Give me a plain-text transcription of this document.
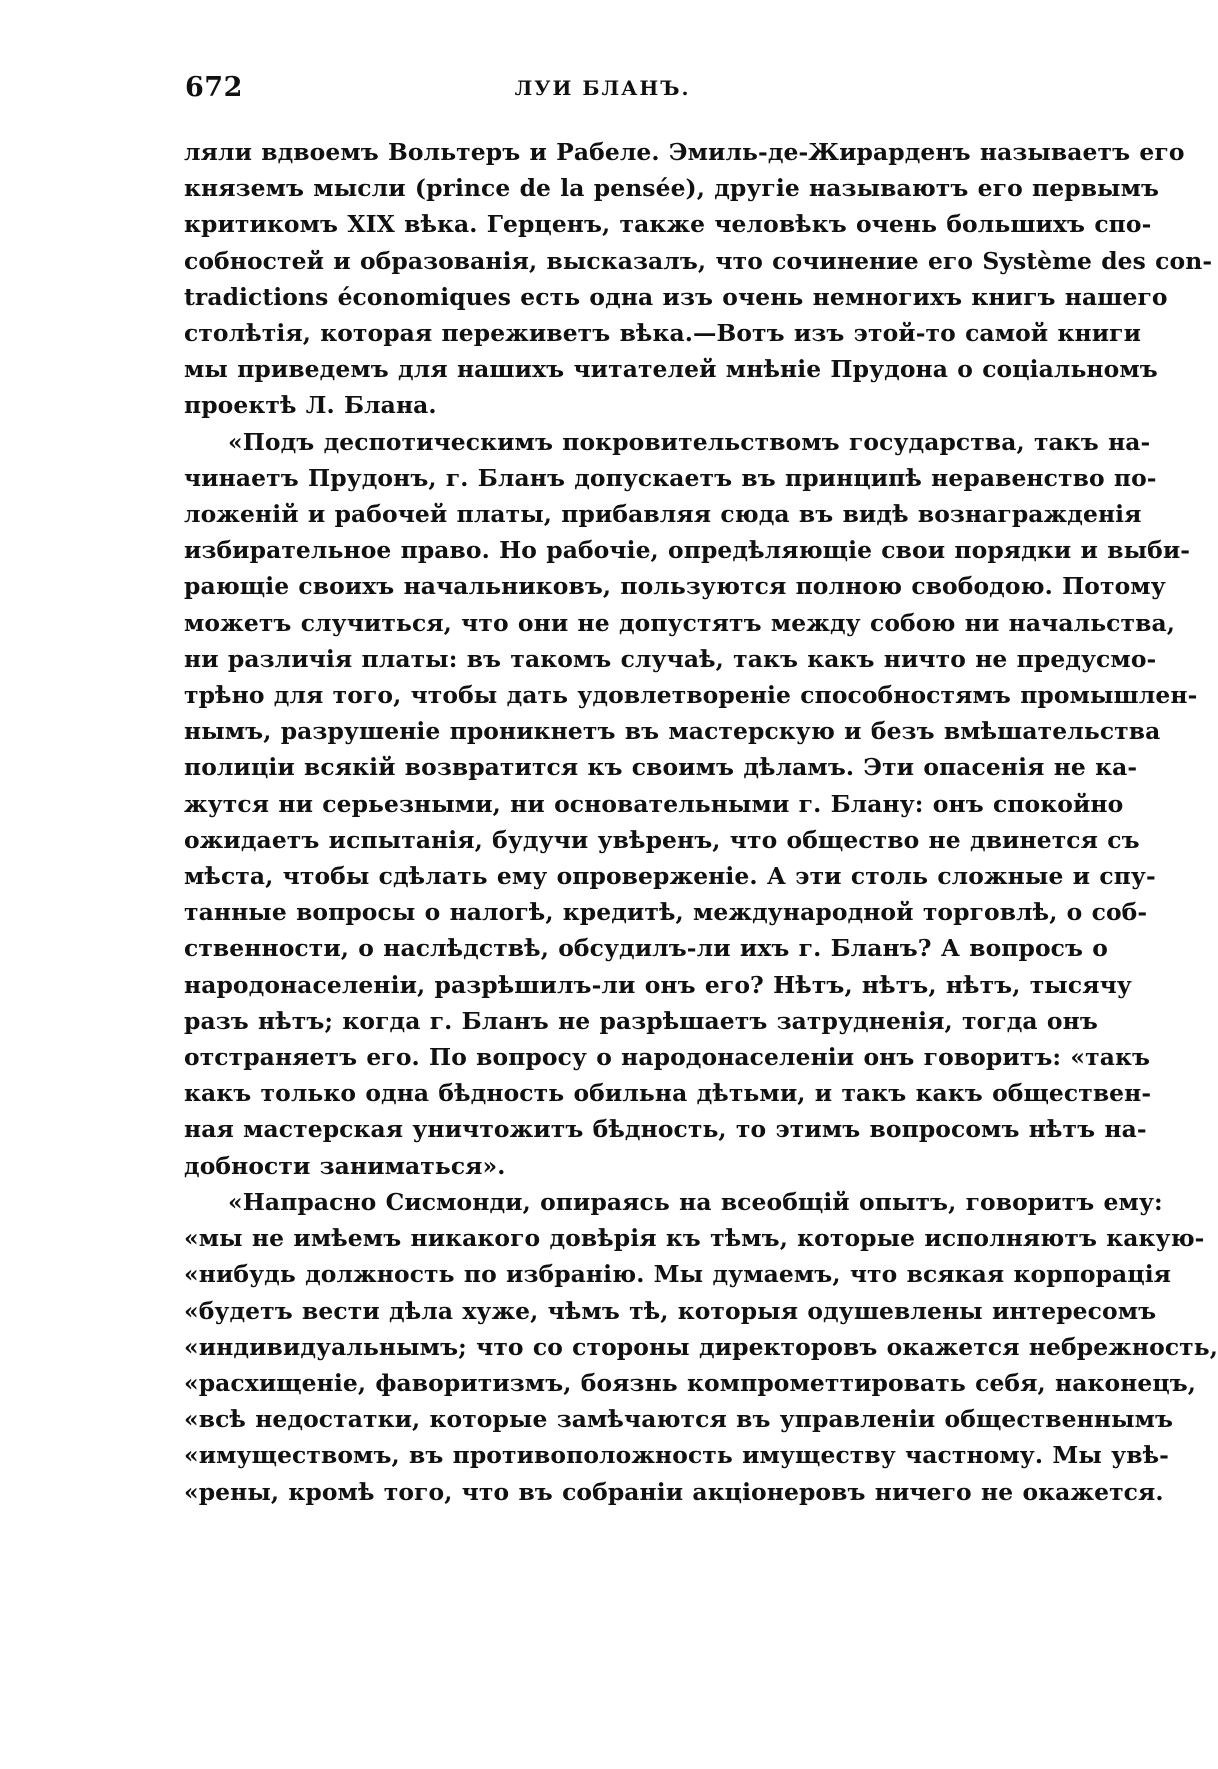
672	ЛУИ БЛАНЪ.
ляли вдвоемъ Вольтеръ и Рабеле. Эмиль-де-Жирарденъ называетъ его
княземъ мысли (prince de la pensée), другіе называютъ его первымъ
критикомъ XIX вѣка. Герценъ, также человѣкъ очень большихъ спо-
собностей и образованія, высказалъ, что сочинение его Système des con-
tradictions économiques есть одна изъ очень немногихъ книгъ нашего
столѣтія, которая переживетъ вѣка.—Вотъ изъ этой-то самой книги
мы приведемъ для нашихъ читателей мнѣніе Прудона о соціальномъ
проектѣ Л. Блана.
«Подъ деспотическимъ покровительствомъ государства, такъ на-
чинаетъ Прудонъ, г. Бланъ допускаетъ въ принципѣ неравенство по-
ложеній и рабочей платы, прибавляя сюда въ видѣ вознагражденія
избирательное право. Но рабочіе, опредѣляющіе свои порядки и выби-
рающіе своихъ начальниковъ, пользуются полною свободою. Потому
можетъ случиться, что они не допустятъ между собою ни начальства,
ни различія платы: въ такомъ случаѣ, такъ какъ ничто не предусмо-
трѣно для того, чтобы дать удовлетвореніе способностямъ промышлен-
нымъ, разрушеніе проникнетъ въ мастерскую и безъ вмѣшательства
полиціи всякій возвратится къ своимъ дѣламъ. Эти опасенія не ка-
жутся ни серьезными, ни основательными г. Блану: онъ спокойно
ожидаетъ испытанія, будучи увѣренъ, что общество не двинется съ
мѣста, чтобы сдѣлать ему опроверженіе. А эти столь сложные и спу-
танные вопросы о налогѣ, кредитѣ, международной торговлѣ, о соб-
ственности, о наслѣдствѣ, обсудилъ-ли ихъ г. Бланъ? А вопросъ о
народонаселеніи, разрѣшилъ-ли онъ его? Нѣтъ, нѣтъ, нѣтъ, тысячу
разъ нѣтъ; когда г. Бланъ не разрѣшаетъ затрудненія, тогда онъ
отстраняетъ его. По вопросу о народонаселеніи онъ говоритъ: «такъ
какъ только одна бѣдность обильна дѣтьми, и такъ какъ обществен-
ная мастерская уничтожитъ бѣдность, то этимъ вопросомъ нѣтъ на-
добности заниматься».
«Напрасно Сисмонди, опираясь на всеобщій опытъ, говоритъ ему:
«мы не имѣемъ никакого довѣрія къ тѣмъ, которые исполняютъ какую-
«нибудь должность по избранію. Мы думаемъ, что всякая корпорація
«будетъ вести дѣла хуже, чѣмъ тѣ, которыя одушевлены интересомъ
«индивидуальнымъ; что со стороны директоровъ окажется небрежность,
«расхищеніе, фаворитизмъ, боязнь компрометтировать себя, наконецъ,
«всѣ недостатки, которые замѣчаются въ управленіи общественнымъ
«имуществомъ, въ противоположность имуществу частному. Мы увѣ-
«рены, кромѣ того, что въ собраніи акціонеровъ ничего не окажется.
